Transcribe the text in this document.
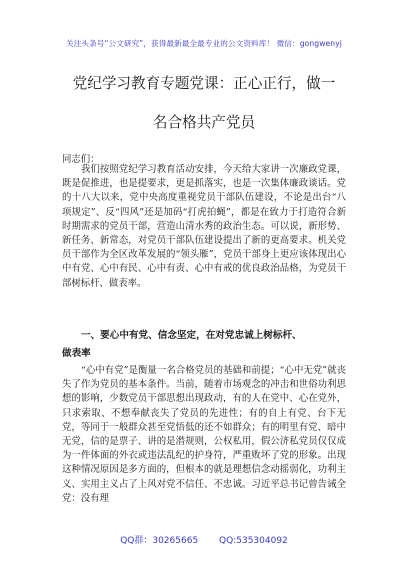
关注头条号“公文研究”，获得最新最全最专业的公文资料库！ 微信：gongwenyj
党纪学习教育专题党课：正心正行，做一
名合格共产党员
同志们：

我们按照党纪学习教育活动安排，今天给大家讲一次廉政党课，既是促推进，也是提要求，更是抓落实，也是一次集体廉政谈话。党的十八大以来，党中央高度重视党员干部队伍建设，不论是出台“八项规定”、反“四风”还是加码“打虎拍蝇”，都是在致力于打造符合新时期需求的党员干部，营造山清水秀的政治生态。可以说，新形势、新任务、新常态，对党员干部队伍建设提出了新的更高要求。机关党员干部作为全区改革发展的“领头雁”，党员干部身上更应该体现出心中有党、心中有民、心中有责、心中有戒的优良政治品格，为党员干部树标杆、做表率。

一、要心中有党、信念坚定，在对党忠诚上树标杆、
做表率

“心中有党”是衡量一名合格党员的基础和前提；“心中无党”就丧失了作为党员的基本条件。当前，随着市场观念的冲击和世俗功利思想的影响，少数党员干部思想出现政动，有的人在党中、心在党外，只求索取、不想奉献丧失了党员的先进性；有的自上有党、台下无党，等同于一般群众甚至党悟低的还不如群众；有的明里有党、暗中无党，信的是票子、讲的是潜规则，公权私用，假公济私党员仅仅成为一件体面的外衣或违法乱纪的护身符，严重败坏了党的形象。出现这种情况原因是多方面的，但根本的就是理想信念动摇弱化，功利主义、实用主义占了上风对党不信任、不忠诚。习近平总书记曾告诫全党：没有理

QQ群：30265665 QQ:535304092
